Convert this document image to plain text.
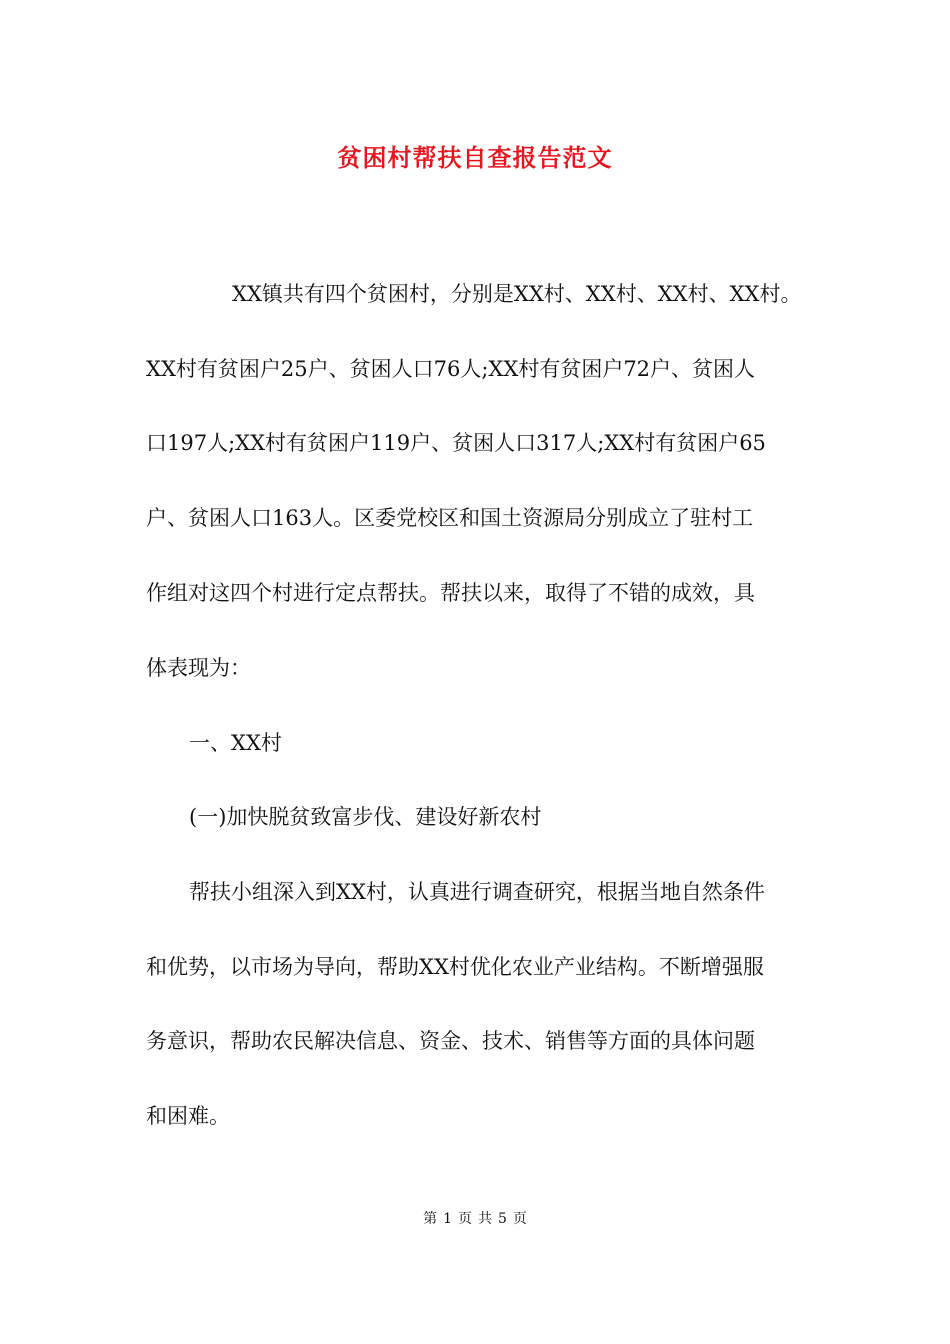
贫困村帮扶自查报告范文
XX镇共有四个贫困村，分别是XX村、XX村、XX村、XX村。
XX村有贫困户25户、贫困人口76人;XX村有贫困户72户、贫困人
口197人;XX村有贫困户119户、贫困人口317人;XX村有贫困户65
户、贫困人口163人。区委党校区和国土资源局分别成立了驻村工
作组对这四个村进行定点帮扶。帮扶以来，取得了不错的成效，具
体表现为：
一、XX村
(一)加快脱贫致富步伐、建设好新农村
帮扶小组深入到XX村，认真进行调查研究，根据当地自然条件
和优势，以市场为导向，帮助XX村优化农业产业结构。不断增强服
务意识，帮助农民解决信息、资金、技术、销售等方面的具体问题
和困难。
第 1 页 共 5 页
